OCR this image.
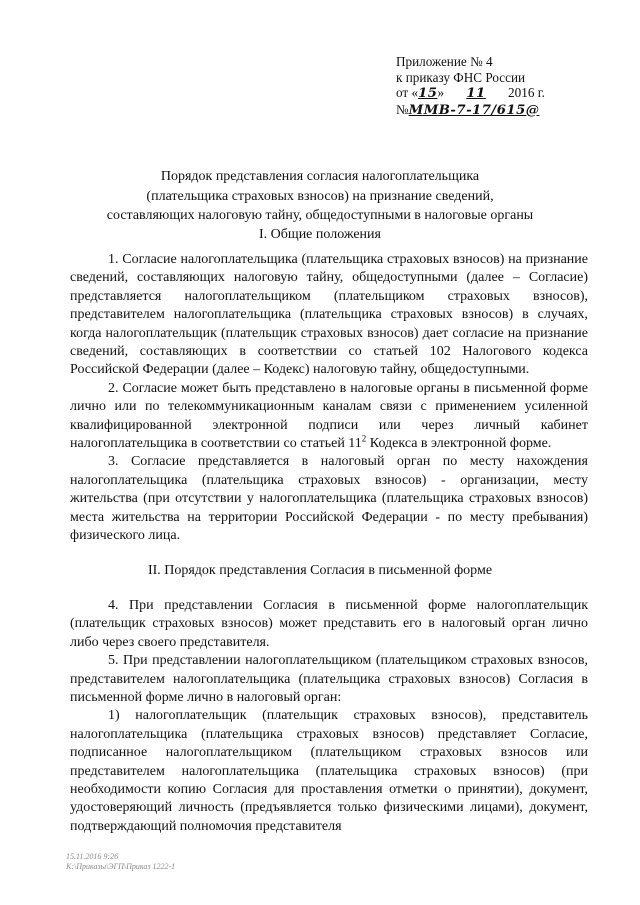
Приложение № 4
к приказу ФНС России
от «15» 11 2016 г.
№ММВ-7-17/615@
Порядок представления согласия налогоплательщика
(плательщика страховых взносов) на признание сведений,
составляющих налоговую тайну, общедоступными в налоговые органы
I. Общие положения

1. Согласие налогоплательщика (плательщика страховых взносов) на признание сведений, составляющих налоговую тайну, общедоступными (далее – Согласие) представляется налогоплательщиком (плательщиком страховых взносов), представителем налогоплательщика (плательщика страховых взносов) в случаях, когда налогоплательщик (плательщик страховых взносов) дает согласие на признание сведений, составляющих в соответствии со статьей 102 Налогового кодекса Российской Федерации (далее – Кодекс) налоговую тайну, общедоступными.

2. Согласие может быть представлено в налоговые органы в письменной форме лично или по телекоммуникационным каналам связи с применением усиленной квалифицированной электронной подписи или через личный кабинет налогоплательщика в соответствии со статьей $11^2$ Кодекса в электронной форме.

3. Согласие представляется в налоговый орган по месту нахождения налогоплательщика (плательщика страховых взносов) - организации, месту жительства (при отсутствии у налогоплательщика (плательщика страховых взносов) места жительства на территории Российской Федерации - по месту пребывания) физического лица.

II. Порядок представления Согласия в письменной форме

4. При представлении Согласия в письменной форме налогоплательщик (плательщик страховых взносов) может представить его в налоговый орган лично либо через своего представителя.

5. При представлении налогоплательщиком (плательщиком страховых взносов, представителем налогоплательщика (плательщика страховых взносов) Согласия в письменной форме лично в налоговый орган:

1) налогоплательщик (плательщик страховых взносов), представитель налогоплательщика (плательщика страховых взносов) представляет Согласие, подписанное налогоплательщиком (плательщиком страховых взносов или представителем налогоплательщика (плательщика страховых взносов) (при необходимости копию Согласия для проставления отметки о принятии), документ, удостоверяющий личность (предъявляется только физическими лицами), документ, подтверждающий полномочия представителя

15.11.2016 9:26
К:\Приказы\ЭГП\Приказ 1222-1
